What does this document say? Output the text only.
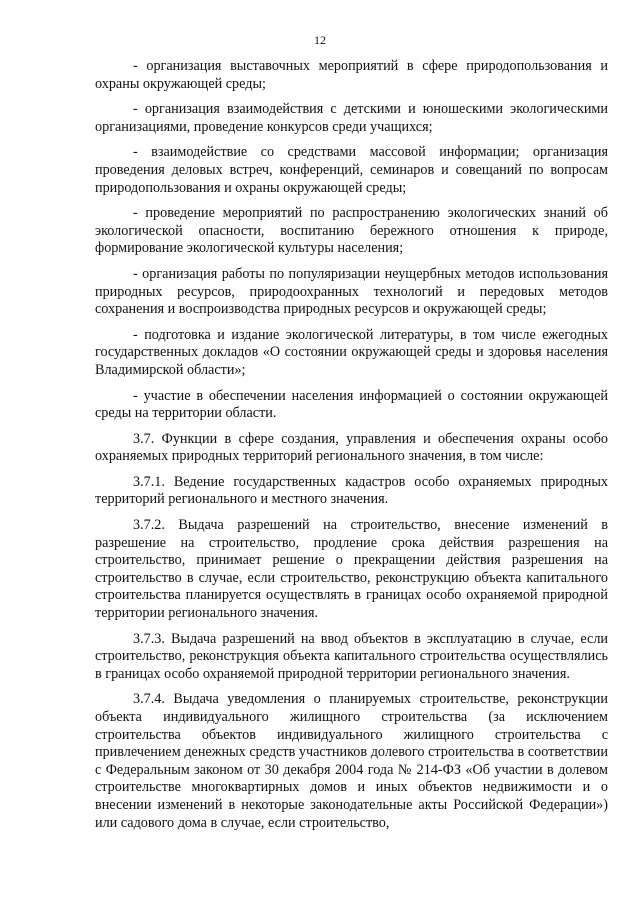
12

- организация выставочных мероприятий в сфере природопользования и охраны окружающей среды;

- организация взаимодействия с детскими и юношескими экологическими организациями, проведение конкурсов среди учащихся;

- взаимодействие со средствами массовой информации; организация проведения деловых встреч, конференций, семинаров и совещаний по вопросам природопользования и охраны окружающей среды;

- проведение мероприятий по распространению экологических знаний об экологической опасности, воспитанию бережного отношения к природе, формирование экологической культуры населения;

- организация работы по популяризации неущербных методов использования природных ресурсов, природоохранных технологий и передовых методов сохранения и воспроизводства природных ресурсов и окружающей среды;

- подготовка и издание экологической литературы, в том числе ежегодных государственных докладов «О состоянии окружающей среды и здоровья населения Владимирской области»;

- участие в обеспечении населения информацией о состоянии окружающей среды на территории области.

3.7. Функции в сфере создания, управления и обеспечения охраны особо охраняемых природных территорий регионального значения, в том числе:

3.7.1. Ведение государственных кадастров особо охраняемых природных территорий регионального и местного значения.

3.7.2. Выдача разрешений на строительство, внесение изменений в разрешение на строительство, продление срока действия разрешения на строительство, принимает решение о прекращении действия разрешения на строительство в случае, если строительство, реконструкцию объекта капитального строительства планируется осуществлять в границах особо охраняемой природной территории регионального значения.

3.7.3. Выдача разрешений на ввод объектов в эксплуатацию в случае, если строительство, реконструкция объекта капитального строительства осуществлялись в границах особо охраняемой природной территории регионального значения.

3.7.4. Выдача уведомления о планируемых строительстве, реконструкции объекта индивидуального жилищного строительства (за исключением строительства объектов индивидуального жилищного строительства с привлечением денежных средств участников долевого строительства в соответствии с Федеральным законом от 30 декабря 2004 года № 214-ФЗ «Об участии в долевом строительстве многоквартирных домов и иных объектов недвижимости и о внесении изменений в некоторые законодательные акты Российской Федерации») или садового дома в случае, если строительство,
